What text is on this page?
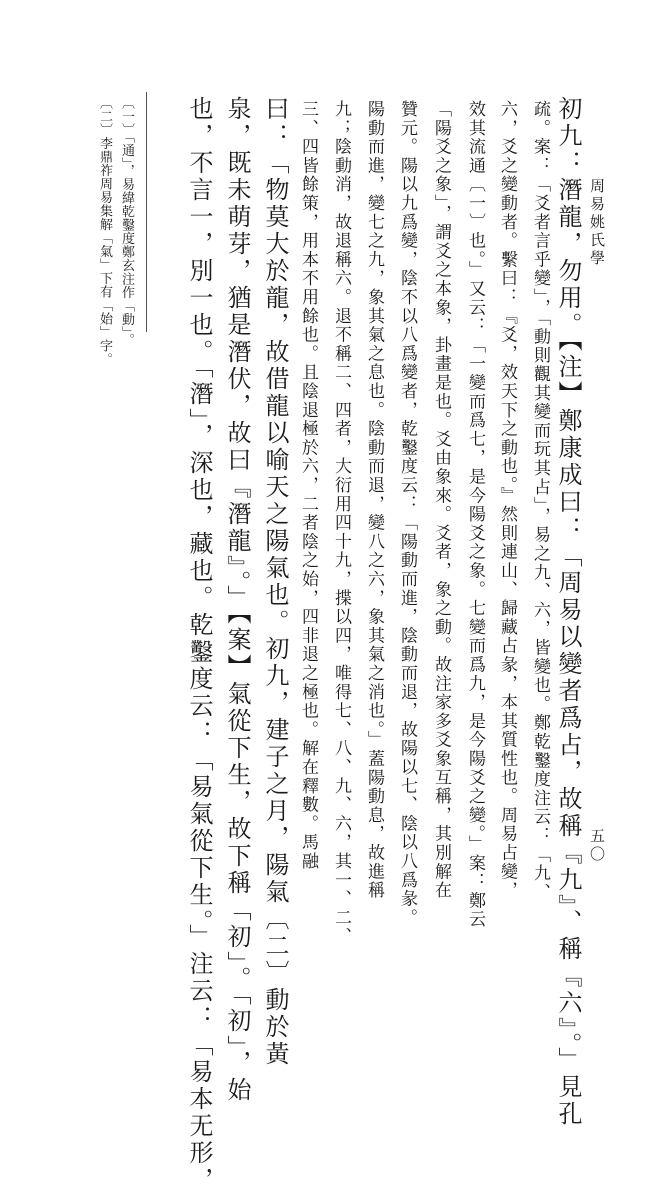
周易姚氏學
五〇
初九：潛龍，勿用。【注】鄭康成曰：「周易以變者爲占，故稱『九』、稱『六』。」見孔
疏。案：「爻者言乎變」，「動則觀其變而玩其占」，易之九、六，皆變也。鄭乾鑿度注云：「九、
六，爻之變動者。繫曰：『爻，效天下之動也。』然則連山、歸藏占彖，本其質性也。周易占變，
效其流通〔一〕也。」又云：「一變而爲七，是今陽爻之象。七變而爲九，是今陽爻之變。」案：鄭云
「陽爻之象」，謂爻之本象，卦畫是也。爻由象來。爻者，象之動。故注家多爻象互稱，其別解在
贊元。陽以九爲變，陰不以八爲變者，乾鑿度云：「陽動而進，陰動而退，故陽以七、陰以八爲彖。
陽動而進，變七之九，象其氣之息也。陰動而退，變八之六，象其氣之消也。」蓋陽動息，故進稱
九；陰動消，故退稱六。退不稱二、四者，大衍用四十九，揲以四，唯得七、八、九、六，其一、二、
三、四皆餘策，用本不用餘也。且陰退極於六，二者陰之始，四非退之極也。解在釋數。馬融
曰：「物莫大於龍，故借龍以喻天之陽氣也。初九，建子之月，陽氣〔二〕動於黃
泉，既未萌芽，猶是潛伏，故曰『潛龍』。」【案】氣從下生，故下稱「初」。「初」，始
也，不言一，別一也。「潛」，深也，藏也。乾鑿度云：「易氣從下生。」注云：「易本无形，
〔一〕「通」，易緯乾鑿度鄭玄注作「動」。
〔二〕李鼎祚周易集解「氣」下有「始」字。
